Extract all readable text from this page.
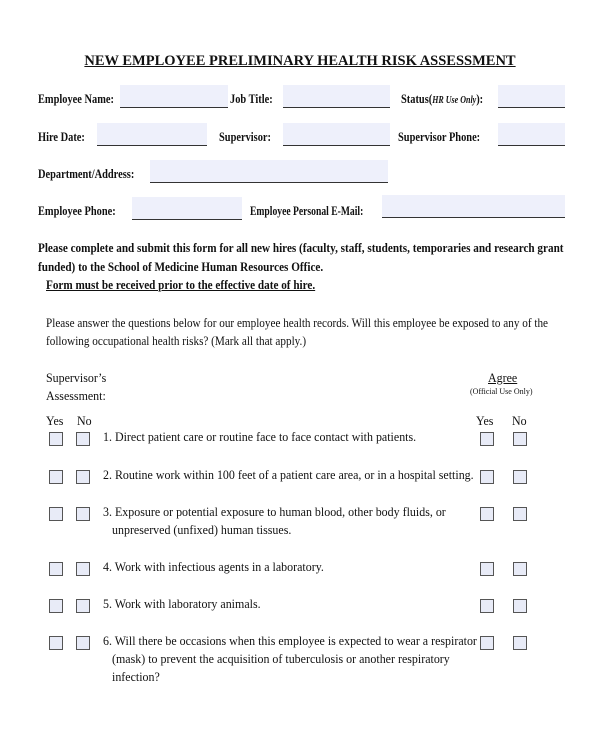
NEW EMPLOYEE PRELIMINARY HEALTH RISK ASSESSMENT
Employee Name:	Job Title:	Status(HR Use Only):
Hire Date:	Supervisor:	Supervisor Phone:
Department/Address:
Employee Phone:	Employee Personal E-Mail:
Please complete and submit this form for all new hires (faculty, staff, students, temporaries and research grant
funded) to the School of Medicine Human Resources Office.
Form must be received prior to the effective date of hire.
Please answer the questions below for our employee health records. Will this employee be exposed to any of the
following occupational health risks? (Mark all that apply.)
Supervisor’s
Assessment:
Agree
(Official Use Only)
Yes No	Yes No
1. Direct patient care or routine face to face contact with patients.
2. Routine work within 100 feet of a patient care area, or in a hospital setting.
3. Exposure or potential exposure to human blood, other body fluids, or
unpreserved (unfixed) human tissues.
4. Work with infectious agents in a laboratory.
5. Work with laboratory animals.
6. Will there be occasions when this employee is expected to wear a respirator
(mask) to prevent the acquisition of tuberculosis or another respiratory
infection?
